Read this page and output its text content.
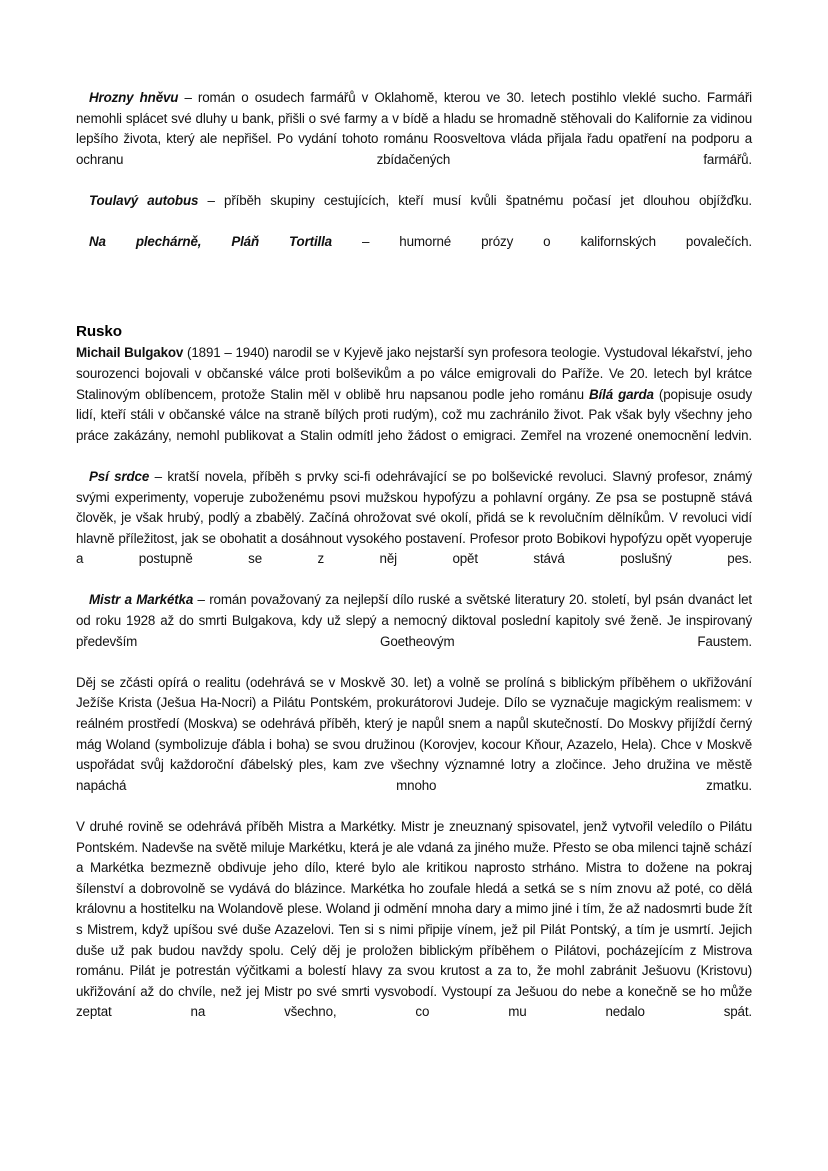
Hrozny hněvu – román o osudech farmářů v Oklahomě, kterou ve 30. letech postihlo vleklé sucho. Farmáři nemohli splácet své dluhy u bank, přišli o své farmy a v bídě a hladu se hromadně stěhovali do Kalifornie za vidinou lepšího života, který ale nepřišel. Po vydání tohoto románu Roosveltova vláda přijala řadu opatření na podporu a ochranu zbídačených farmářů.

Toulavý autobus – příběh skupiny cestujících, kteří musí kvůli špatnému počasí jet dlouhou objížďku.

Na plechárně, Pláň Tortilla – humorné prózy o kalifornských povalečích.

Rusko

Michail Bulgakov (1891 – 1940) narodil se v Kyjevě jako nejstarší syn profesora teologie. Vystudoval lékařství, jeho sourozenci bojovali v občanské válce proti bolševikům a po válce emigrovali do Paříže. Ve 20. letech byl krátce Stalinovým oblíbencem, protože Stalin měl v oblibě hru napsanou podle jeho románu Bílá garda (popisuje osudy lidí, kteří stáli v občanské válce na straně bílých proti rudým), což mu zachránilo život. Pak však byly všechny jeho práce zakázány, nemohl publikovat a Stalin odmítl jeho žádost o emigraci. Zemřel na vrozené onemocnění ledvin.

Psí srdce – kratší novela, příběh s prvky sci-fi odehrávající se po bolševické revoluci. Slavný profesor, známý svými experimenty, voperuje zuboženému psovi mužskou hypofýzu a pohlavní orgány. Ze psa se postupně stává člověk, je však hrubý, podlý a zbabělý. Začíná ohrožovat své okolí, přidá se k revolučním dělníkům. V revoluci vidí hlavně příležitost, jak se obohatit a dosáhnout vysokého postavení. Profesor proto Bobikovi hypofýzu opět vyoperuje a postupně se z něj opět stává poslušný pes.

Mistr a Markétka – román považovaný za nejlepší dílo ruské a světské literatury 20. století, byl psán dvanáct let od roku 1928 až do smrti Bulgakova, kdy už slepý a nemocný diktoval poslední kapitoly své ženě. Je inspirovaný především Goetheovým Faustem.

Děj se zčásti opírá o realitu (odehrává se v Moskvě 30. let) a volně se prolíná s biblickým příběhem o ukřižování Ježíše Krista (Ješua Ha-Nocri) a Pilátu Pontském, prokurátorovi Judeje. Dílo se vyznačuje magickým realismem: v reálném prostředí (Moskva) se odehrává příběh, který je napůl snem a napůl skutečností. Do Moskvy přijíždí černý mág Woland (symbolizuje ďábla i boha) se svou družinou (Korovjev, kocour Kňour, Azazelo, Hela). Chce v Moskvě uspořádat svůj každoroční ďábelský ples, kam zve všechny významné lotry a zločince. Jeho družina ve městě napáchá mnoho zmatku.

V druhé rovině se odehrává příběh Mistra a Markétky. Mistr je zneuznaný spisovatel, jenž vytvořil veledílo o Pilátu Pontském. Nadevše na světě miluje Markétku, která je ale vdaná za jiného muže. Přesto se oba milenci tajně schází a Markétka bezmezně obdivuje jeho dílo, které bylo ale kritikou naprosto strháno. Mistra to dožene na pokraj šílenství a dobrovolně se vydává do blázince. Markétka ho zoufale hledá a setká se s ním znovu až poté, co dělá královnu a hostitelku na Wolandově plese. Woland ji odmění mnoha dary a mimo jiné i tím, že až nadosmrti bude žít s Mistrem, když upíšou své duše Azazelovi. Ten si s nimi připije vínem, jež pil Pilát Pontský, a tím je usmrtí. Jejich duše už pak budou navždy spolu. Celý děj je proložen biblickým příběhem o Pilátovi, pocházejícím z Mistrova románu. Pilát je potrestán výčitkami a bolestí hlavy za svou krutost a za to, že mohl zabránit Ješuovu (Kristovu) ukřižování až do chvíle, než jej Mistr po své smrti vysvobodí. Vystoupí za Ješuou do nebe a konečně se ho může zeptat na všechno, co mu nedalo spát.
